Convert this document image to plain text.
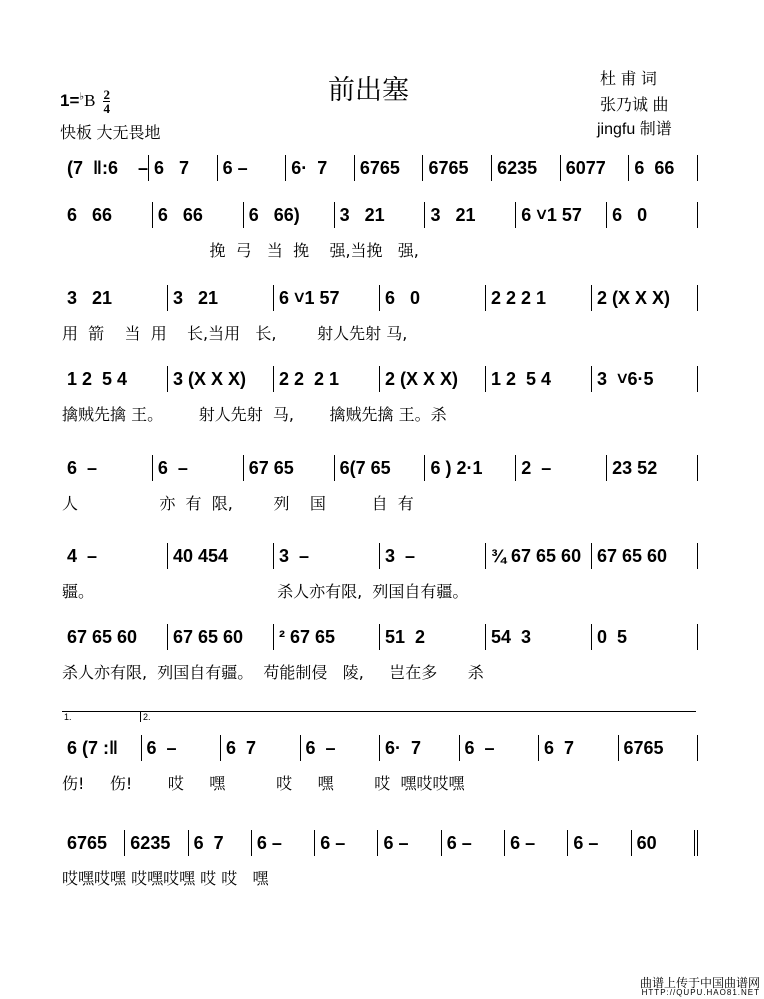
前出塞
$1=^♭B \frac{2}{4}$
快板 大无畏地
杜 甫 词
张乃诚 曲
jingfu 制谱
(7  ‖:6    – 6   7	6 –	6·  7	6765	6765	6235	6077	6  66
6   66	6   66	6   66)	3   21	3   21	6 ˅1 57	6   0
挽  弓   当  挽    强,当挽   强,
3   21	3   21	6 ˅1 57	6   0	2 2 2 1	2 (X X X)
用  箭    当  用    长,当用   长,        射人先射 马,
1 2  5 4	3 (X X X)	2 2  2 1	2 (X X X)	1 2  5 4	3  ˅6·5
擒贼先擒 王。       射人先射  马,       擒贼先擒 王。杀
6  –	6  –	67 65	6(7 65	6 ) 2·1	2  –	23 52
人                亦  有  限,        列    国         自  有
4  –	40 454	3  –	3  –	¾ 67 65 60 67 65 60
疆。                                    杀人亦有限,  列国自有疆。
67 65 60	67 65 60	² 67 65	51  2	54  3	0  5
杀人亦有限,  列国自有疆。  苟能制侵   陵,     岂在多      杀
6 (7 :‖	6  –	6  7	6  –	6·  7	6  –	6  7	6765
伤!     伤!       哎     嘿          哎     嘿        哎  嘿哎哎嘿
6765	6235	6  7	6 –	6 –	6 –	6 –	6 –	6 –	60
哎嘿哎嘿 哎嘿哎嘿 哎 哎   嘿
1.	2.
曲谱上传于中国曲谱网
HTTP://QUPU.HAO81.NET
